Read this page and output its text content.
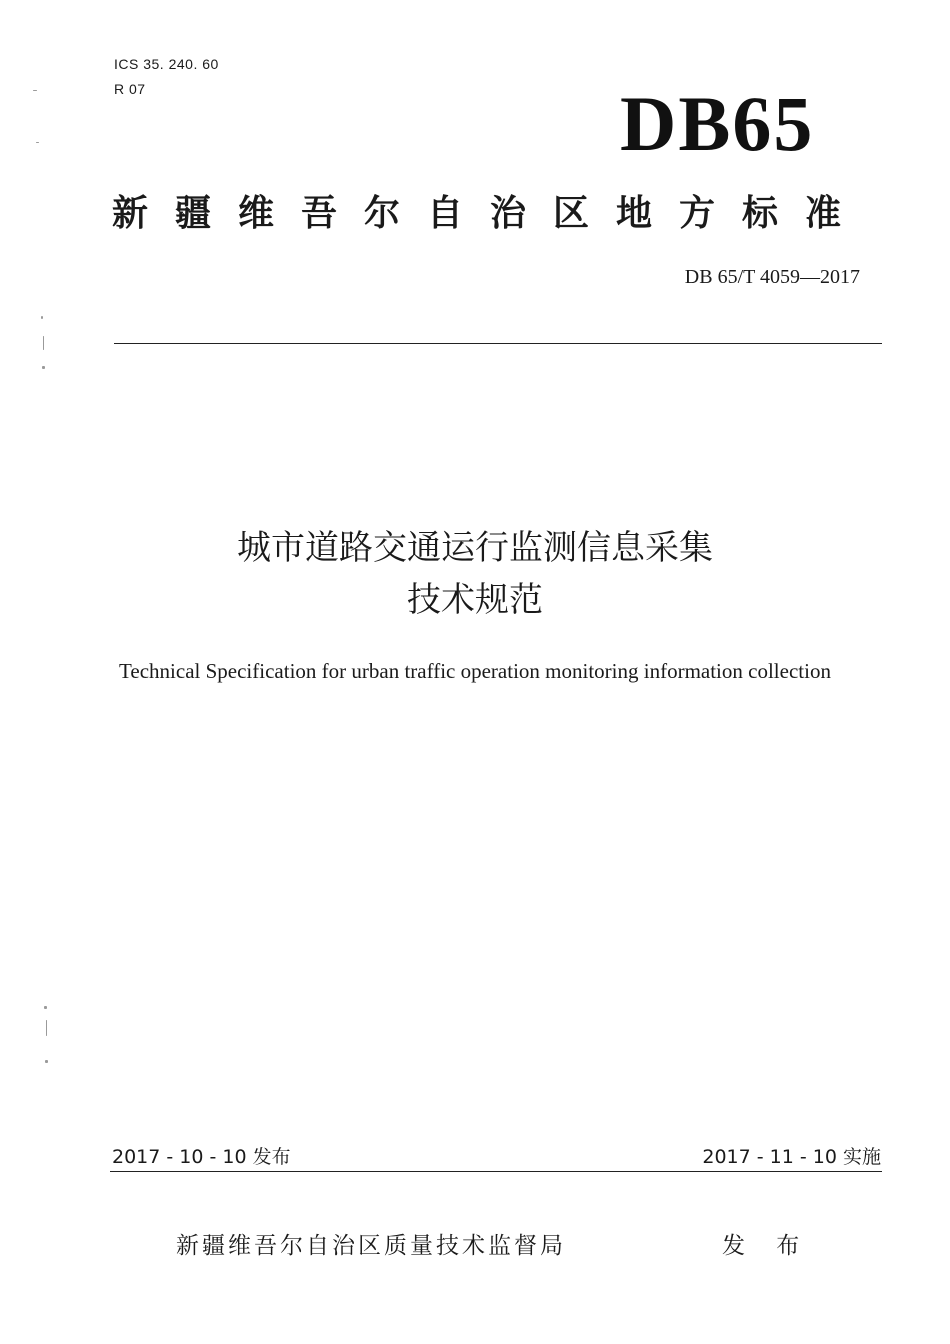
ICS 35. 240. 60
R 07	DB65
新疆维吾尔自治区地方标准
DB 65/T 4059—2017
城市道路交通运行监测信息采集
技术规范
Technical Specification for urban traffic operation monitoring information collection
2017 - 10 - 10 发布	2017 - 11 - 10 实施
新疆维吾尔自治区质量技术监督局	发 布
